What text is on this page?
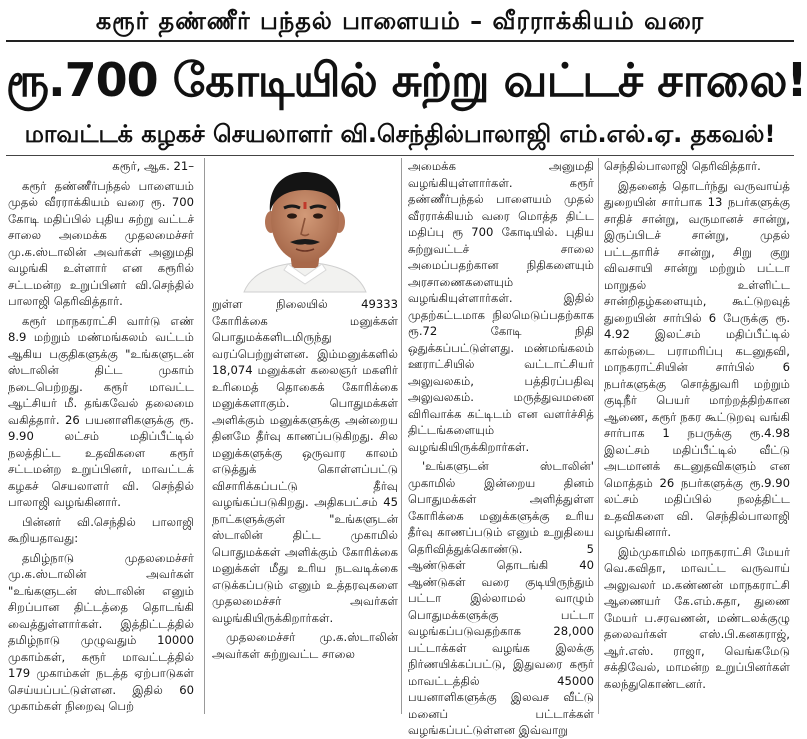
கரூர் தண்ணீர் பந்தல் பாளையம் – வீரராக்கியம் வரை
ரூ.700 கோடியில் சுற்று வட்டச் சாலை!
மாவட்டக் கழகச் செயலாளர் வி.செந்தில்பாலாஜி எம்.எல்.ஏ. தகவல்!

கரூர், ஆக. 21–

கரூர் தண்ணீர்பந்தல் பாளையம் முதல் வீரராக்கியம் வரை ரூ. 700 கோடி மதிப்பில் புதிய சுற்று வட்டச் சாலை அமைக்க முதலமைச்சர் மு.க.ஸ்டாலின் அவர்கள் அனுமதி வழங்கி உள்ளார் என கரூரில் சட்டமன்ற உறுப்பினர் வி.செந்தில் பாலாஜி தெரிவித்தார்.

கரூர் மாநகராட்சி வார்டு எண் 8.9 மற்றும் மண்மங்கலம் வட்டம் ஆகிய பகுதிகளுக்கு "உங்களுடன் ஸ்டாலின் திட்ட முகாம் நடைபெற்றது. கரூர் மாவட்ட ஆட்சியர் மீ. தங்கவேல் தலைமை வகித்தார். 26 பயனாளிகளுக்கு ரூ. 9.90 லட்சம் மதிப்பீட்டில் நலத்திட்ட உதவிகளை கரூர் சட்டமன்ற உறுப்பினர், மாவட்டக் கழகச் செயலாளர் வி. செந்தில் பாலாஜி வழங்கினார்.

பின்னர் வி.செந்தில் பாலாஜி கூறியதாவது:

தமிழ்நாடு முதலமைச்சர் மு.க.ஸ்டாலின் அவர்கள் "உங்களுடன் ஸ்டாலின் எனும் சிறப்பான திட்டத்தை தொடங்கி வைத்துள்ளார்கள். இத்திட்டத்தில் தமிழ்நாடு முழுவதும் 10000 முகாம்கள், கரூர் மாவட்டத்தில் 179 முகாம்கள் நடத்த ஏற்பாடுகள் செய்யப்பட்டுள்ளன. இதில் 60 முகாம்கள் நிறைவு பெற்

றுள்ள நிலையில் 49333 கோரிக்கை மனுக்கள் பொதுமக்களிடமிருந்து வரப்பெற்றுள்ளன. இம்மனுக்களில் 18,074 மனுக்கள் கலைஞர் மகளிர் உரிமைத் தொகைக் கோரிக்கை மனுக்களாகும். பொதுமக்கள் அளிக்கும் மனுக்களுக்கு அன்றைய தினமே தீர்வு காணப்படுகிறது. சில மனுக்களுக்கு ஒருவார காலம் எடுத்துக் கொள்ளப்பட்டு விசாரிக்கப்பட்டு தீர்வு வழங்கப்படுகிறது. அதிகபட்சம் 45 நாட்களுக்குள் "உங்களுடன் ஸ்டாலின் திட்ட முகாமில் பொதுமக்கள் அளிக்கும் கோரிக்கை மனுக்கள் மீது உரிய நடவடிக்கை எடுக்கப்படும் எனும் உத்தரவுகளை முதலமைச்சர் அவர்கள் வழங்கியிருக்கிறார்கள்.

முதலமைச்சர் மு.க.ஸ்டாலின் அவர்கள் சுற்றுவட்ட சாலை

அமைக்க அனுமதி வழங்கியுள்ளார்கள். கரூர் தண்ணீர்பந்தல் பாளையம் முதல் வீரராக்கியம் வரை மொத்த திட்ட மதிப்பு ரூ 700 கோடியில். புதிய சுற்றுவட்டச் சாலை அமைப்பதற்கான நிதிகளையும் அரசாணைகளையும் வழங்கியுள்ளார்கள். இதில் முதற்கட்டமாக நிலமெடுப்பதற்காக ரூ.72 கோடி நிதி ஒதுக்கப்பட்டுள்ளது. மண்மங்கலம் ஊராட்சியில் வட்டாட்சியர் அலுவலகம், பத்திரப்பதிவு அலுவலகம். மருத்துவமனை விரிவாக்க கட்டிடம் என வளர்ச்சித் திட்டங்களையும் வழங்கியிருக்கிறார்கள்.

'உங்களுடன் ஸ்டாலின்' முகாமில் இன்றைய தினம் பொதுமக்கள் அளித்துள்ள கோரிக்கை மனுக்களுக்கு உரிய தீர்வு காணப்படும் எனும் உறுதியை தெரிவித்துக்கொண்டு. 5 ஆண்டுகள் தொடங்கி 40 ஆண்டுகள் வரை குடியிருந்தும் பட்டா இல்லாமல் வாழும் பொதுமக்களுக்கு பட்டா வழங்கப்படுவதற்காக 28,000 பட்டாக்கள் வழங்க இலக்கு நிர்ணயிக்கப்பட்டு, இதுவரை கரூர் மாவட்டத்தில் 45000 பயனாளிகளுக்கு இலவச வீட்டு மனைப் பட்டாக்கள் வழங்கப்பட்டுள்ளன இவ்வாறு

செந்தில்பாலாஜி தெரிவித்தார்.

இதனைத் தொடர்ந்து வருவாய்த் துறையின் சார்பாக 13 நபர்களுக்கு சாதிச் சான்று, வருமானச் சான்று, இருப்பிடச் சான்று, முதல் பட்டதாரிச் சான்று, சிறு குறு விவசாயி சான்று மற்றும் பட்டா மாறுதல் உள்ளிட்ட சான்றிதழ்களையும், கூட்டுறவுத் துறையின் சார்பில் 6 பேருக்கு ரூ. 4.92 இலட்சம் மதிப்பீட்டில் கால்நடை பராமரிப்பு கடனுதவி, மாநகராட்சியின் சார்பில் 6 நபர்களுக்கு சொத்துவரி மற்றும் குடிநீர் பெயர் மாற்றத்திற்கான ஆணை, கரூர் நகர கூட்டுறவு வங்கி சார்பாக 1 நபருக்கு ரூ.4.98 இலட்சம் மதிப்பீட்டில் வீட்டு அடமானக் கடனுதவிகளும் என மொத்தம் 26 நபர்களுக்கு ரூ.9.90 லட்சம் மதிப்பில் நலத்திட்ட உதவிகளை வி. செந்தில்பாலாஜி வழங்கினார்.

இம்முகாமில் மாநகராட்சி மேயர் வெ.கவிதா, மாவட்ட வருவாய் அலுவலர் ம.கண்ணன் மாநகராட்சி ஆணையர் கே.எம்.சுதா, துணை மேயர் ப.சரவணன், மண்டலக்குழு தலைவர்கள் எஸ்.பி.கனகராஜ், ஆர்.எஸ். ராஜா, வெங்கமேடு சக்திவேல், மாமன்ற உறுப்பினர்கள் கலந்துகொண்டனர்.
